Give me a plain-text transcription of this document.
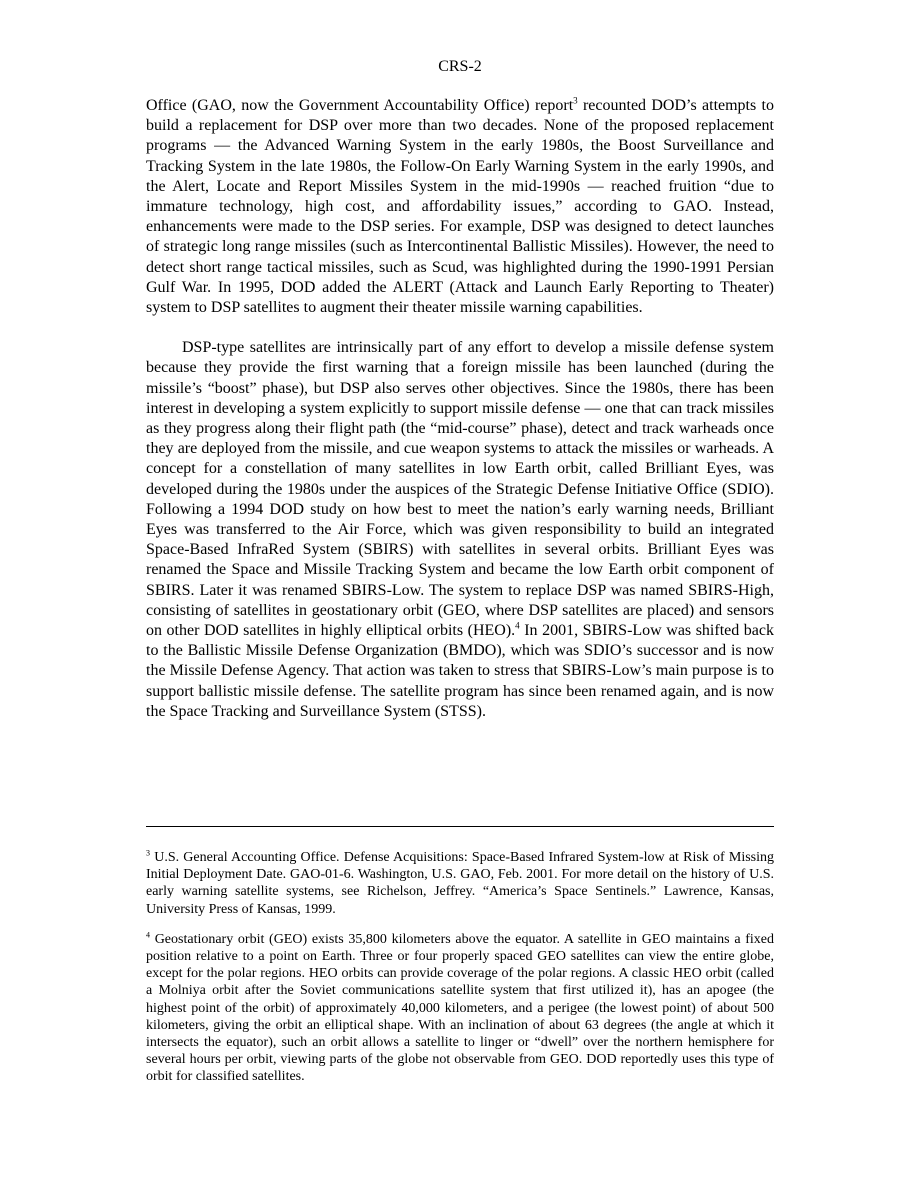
CRS-2

Office (GAO, now the Government Accountability Office) report$^3$ recounted DOD’s attempts to build a replacement for DSP over more than two decades. None of the proposed replacement programs — the Advanced Warning System in the early 1980s, the Boost Surveillance and Tracking System in the late 1980s, the Follow-On Early Warning System in the early 1990s, and the Alert, Locate and Report Missiles System in the mid-1990s — reached fruition “due to immature technology, high cost, and affordability issues,” according to GAO. Instead, enhancements were made to the DSP series. For example, DSP was designed to detect launches of strategic long range missiles (such as Intercontinental Ballistic Missiles). However, the need to detect short range tactical missiles, such as Scud, was highlighted during the 1990-1991 Persian Gulf War. In 1995, DOD added the ALERT (Attack and Launch Early Reporting to Theater) system to DSP satellites to augment their theater missile warning capabilities.

DSP-type satellites are intrinsically part of any effort to develop a missile defense system because they provide the first warning that a foreign missile has been launched (during the missile’s “boost” phase), but DSP also serves other objectives. Since the 1980s, there has been interest in developing a system explicitly to support missile defense — one that can track missiles as they progress along their flight path (the “mid-course” phase), detect and track warheads once they are deployed from the missile, and cue weapon systems to attack the missiles or warheads. A concept for a constellation of many satellites in low Earth orbit, called Brilliant Eyes, was developed during the 1980s under the auspices of the Strategic Defense Initiative Office (SDIO). Following a 1994 DOD study on how best to meet the nation’s early warning needs, Brilliant Eyes was transferred to the Air Force, which was given responsibility to build an integrated Space-Based InfraRed System (SBIRS) with satellites in several orbits. Brilliant Eyes was renamed the Space and Missile Tracking System and became the low Earth orbit component of SBIRS. Later it was renamed SBIRS-Low. The system to replace DSP was named SBIRS-High, consisting of satellites in geostationary orbit (GEO, where DSP satellites are placed) and sensors on other DOD satellites in highly elliptical orbits (HEO).$^4$ In 2001, SBIRS-Low was shifted back to the Ballistic Missile Defense Organization (BMDO), which was SDIO’s successor and is now the Missile Defense Agency. That action was taken to stress that SBIRS-Low’s main purpose is to support ballistic missile defense. The satellite program has since been renamed again, and is now the Space Tracking and Surveillance System (STSS).

$^3$ U.S. General Accounting Office. Defense Acquisitions: Space-Based Infrared System-low at Risk of Missing Initial Deployment Date. GAO-01-6. Washington, U.S. GAO, Feb. 2001. For more detail on the history of U.S. early warning satellite systems, see Richelson, Jeffrey. “America’s Space Sentinels.” Lawrence, Kansas, University Press of Kansas, 1999.

$^4$ Geostationary orbit (GEO) exists 35,800 kilometers above the equator. A satellite in GEO maintains a fixed position relative to a point on Earth. Three or four properly spaced GEO satellites can view the entire globe, except for the polar regions. HEO orbits can provide coverage of the polar regions. A classic HEO orbit (called a Molniya orbit after the Soviet communications satellite system that first utilized it), has an apogee (the highest point of the orbit) of approximately 40,000 kilometers, and a perigee (the lowest point) of about 500 kilometers, giving the orbit an elliptical shape. With an inclination of about 63 degrees (the angle at which it intersects the equator), such an orbit allows a satellite to linger or “dwell” over the northern hemisphere for several hours per orbit, viewing parts of the globe not observable from GEO. DOD reportedly uses this type of orbit for classified satellites.
